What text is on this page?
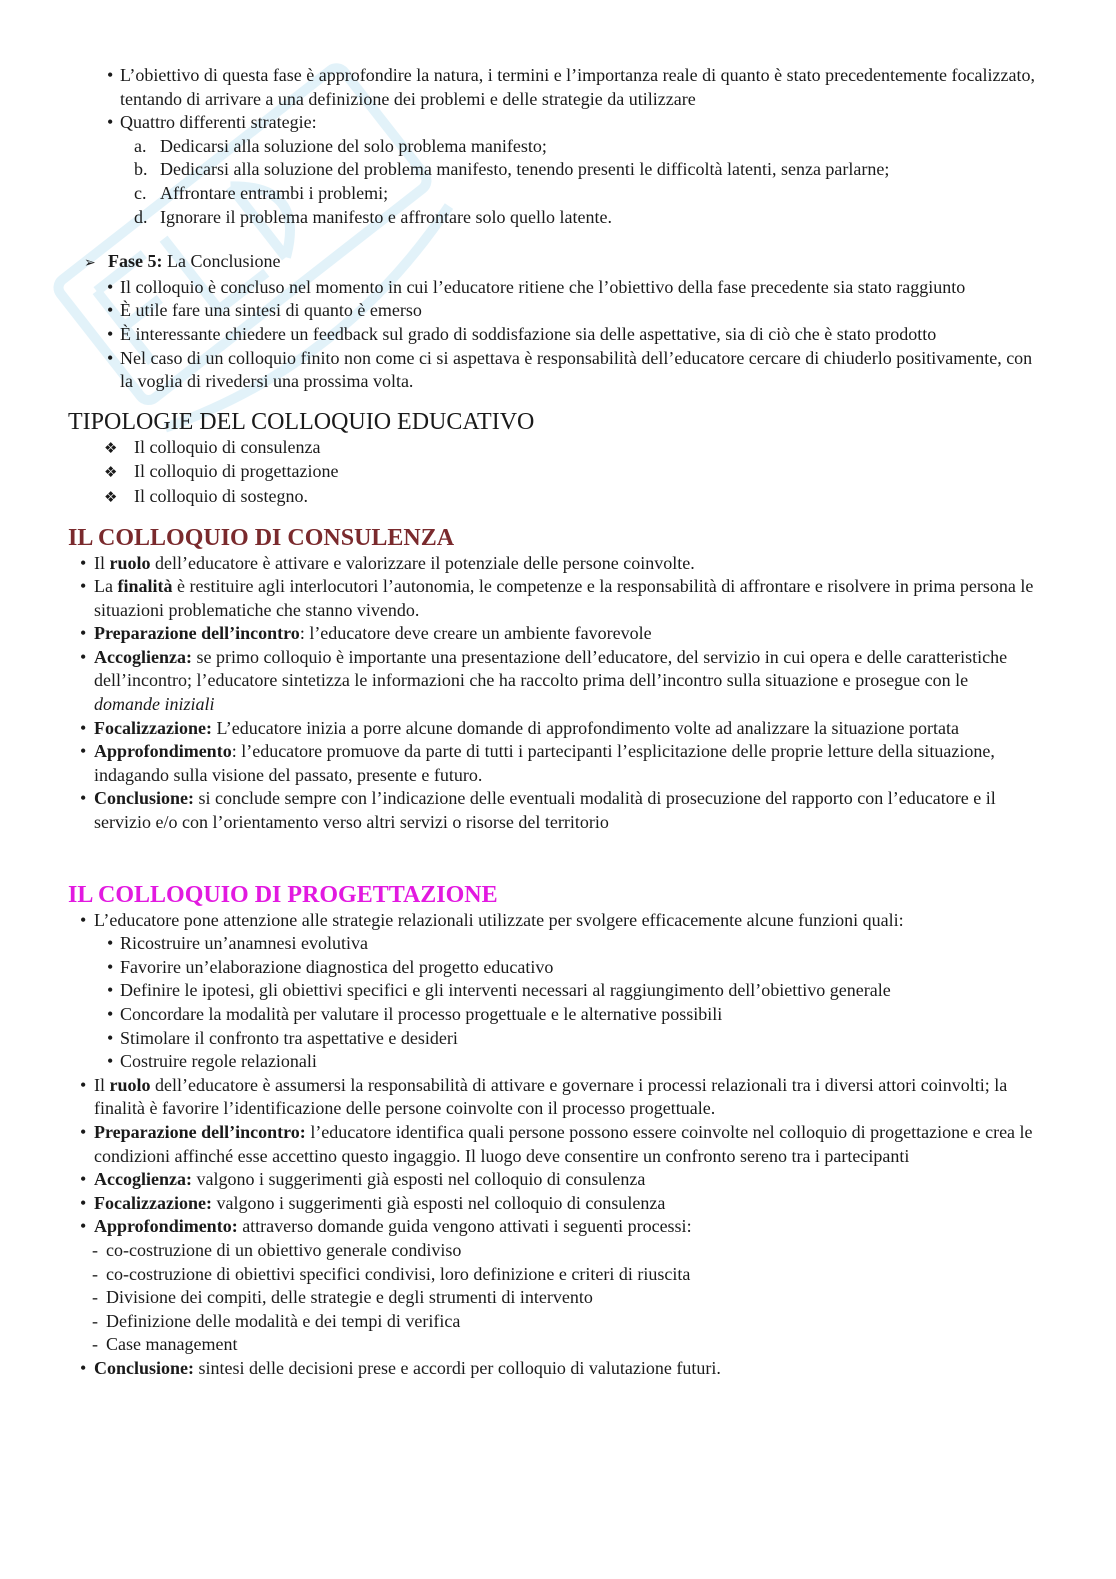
• L’obiettivo di questa fase è approfondire la natura, i termini e l’importanza reale di quanto è stato precedentemente focalizzato, tentando di arrivare a una definizione dei problemi e delle strategie da utilizzare
• Quattro differenti strategie:
a. Dedicarsi alla soluzione del solo problema manifesto;
b. Dedicarsi alla soluzione del problema manifesto, tenendo presenti le difficoltà latenti, senza parlarne;
c. Affrontare entrambi i problemi;
d. Ignorare il problema manifesto e affrontare solo quello latente.
➢ Fase 5: La Conclusione
• Il colloquio è concluso nel momento in cui l’educatore ritiene che l’obiettivo della fase precedente sia stato raggiunto
• È utile fare una sintesi di quanto è emerso
• È interessante chiedere un feedback sul grado di soddisfazione sia delle aspettative, sia di ciò che è stato prodotto
• Nel caso di un colloquio finito non come ci si aspettava è responsabilità dell’educatore cercare di chiuderlo positivamente, con la voglia di rivedersi una prossima volta.
TIPOLOGIE DEL COLLOQUIO EDUCATIVO
❖ Il colloquio di consulenza
❖ Il colloquio di progettazione
❖ Il colloquio di sostegno.
IL COLLOQUIO DI CONSULENZA
• Il ruolo dell’educatore è attivare e valorizzare il potenziale delle persone coinvolte.
• La finalità è restituire agli interlocutori l’autonomia, le competenze e la responsabilità di affrontare e risolvere in prima persona le situazioni problematiche che stanno vivendo.
• Preparazione dell’incontro: l’educatore deve creare un ambiente favorevole
• Accoglienza: se primo colloquio è importante una presentazione dell’educatore, del servizio in cui opera e delle caratteristiche dell’incontro; l’educatore sintetizza le informazioni che ha raccolto prima dell’incontro sulla situazione e prosegue con le domande iniziali
• Focalizzazione: L’educatore inizia a porre alcune domande di approfondimento volte ad analizzare la situazione portata
• Approfondimento: l’educatore promuove da parte di tutti i partecipanti l’esplicitazione delle proprie letture della situazione, indagando sulla visione del passato, presente e futuro.
• Conclusione: si conclude sempre con l’indicazione delle eventuali modalità di prosecuzione del rapporto con l’educatore e il servizio e/o con l’orientamento verso altri servizi o risorse del territorio
IL COLLOQUIO DI PROGETTAZIONE
• L’educatore pone attenzione alle strategie relazionali utilizzate per svolgere efficacemente alcune funzioni quali:
• Ricostruire un’anamnesi evolutiva
• Favorire un’elaborazione diagnostica del progetto educativo
• Definire le ipotesi, gli obiettivi specifici e gli interventi necessari al raggiungimento dell’obiettivo generale
• Concordare la modalità per valutare il processo progettuale e le alternative possibili
• Stimolare il confronto tra aspettative e desideri
• Costruire regole relazionali
• Il ruolo dell’educatore è assumersi la responsabilità di attivare e governare i processi relazionali tra i diversi attori coinvolti; la finalità è favorire l’identificazione delle persone coinvolte con il processo progettuale.
• Preparazione dell’incontro: l’educatore identifica quali persone possono essere coinvolte nel colloquio di progettazione e crea le condizioni affinché esse accettino questo ingaggio. Il luogo deve consentire un confronto sereno tra i partecipanti
• Accoglienza: valgono i suggerimenti già esposti nel colloquio di consulenza
• Focalizzazione: valgono i suggerimenti già esposti nel colloquio di consulenza
• Approfondimento: attraverso domande guida vengono attivati i seguenti processi:
- co-costruzione di un obiettivo generale condiviso
- co-costruzione di obiettivi specifici condivisi, loro definizione e criteri di riuscita
- Divisione dei compiti, delle strategie e degli strumenti di intervento
- Definizione delle modalità e dei tempi di verifica
- Case management
• Conclusione: sintesi delle decisioni prese e accordi per colloquio di valutazione futuri.
